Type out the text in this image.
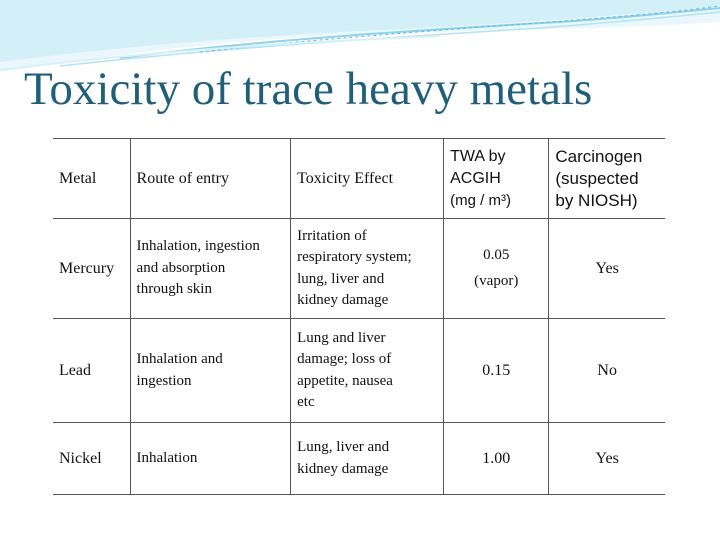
Toxicity of trace heavy metals
Metal	Route of entry	Toxicity Effect	TWA by
ACGIH
(mg / m³)	Carcinogen
(suspected
by NIOSH)

Mercury	Inhalation, ingestion
and absorption
through skin	Irritation of
respiratory system;
lung, liver and
kidney damage	0.05
(vapor)	Yes
Lead	Inhalation and
ingestion	Lung and liver
damage; loss of
appetite, nausea
etc	0.15	No
Nickel	Inhalation	Lung, liver and
kidney damage	1.00	Yes
